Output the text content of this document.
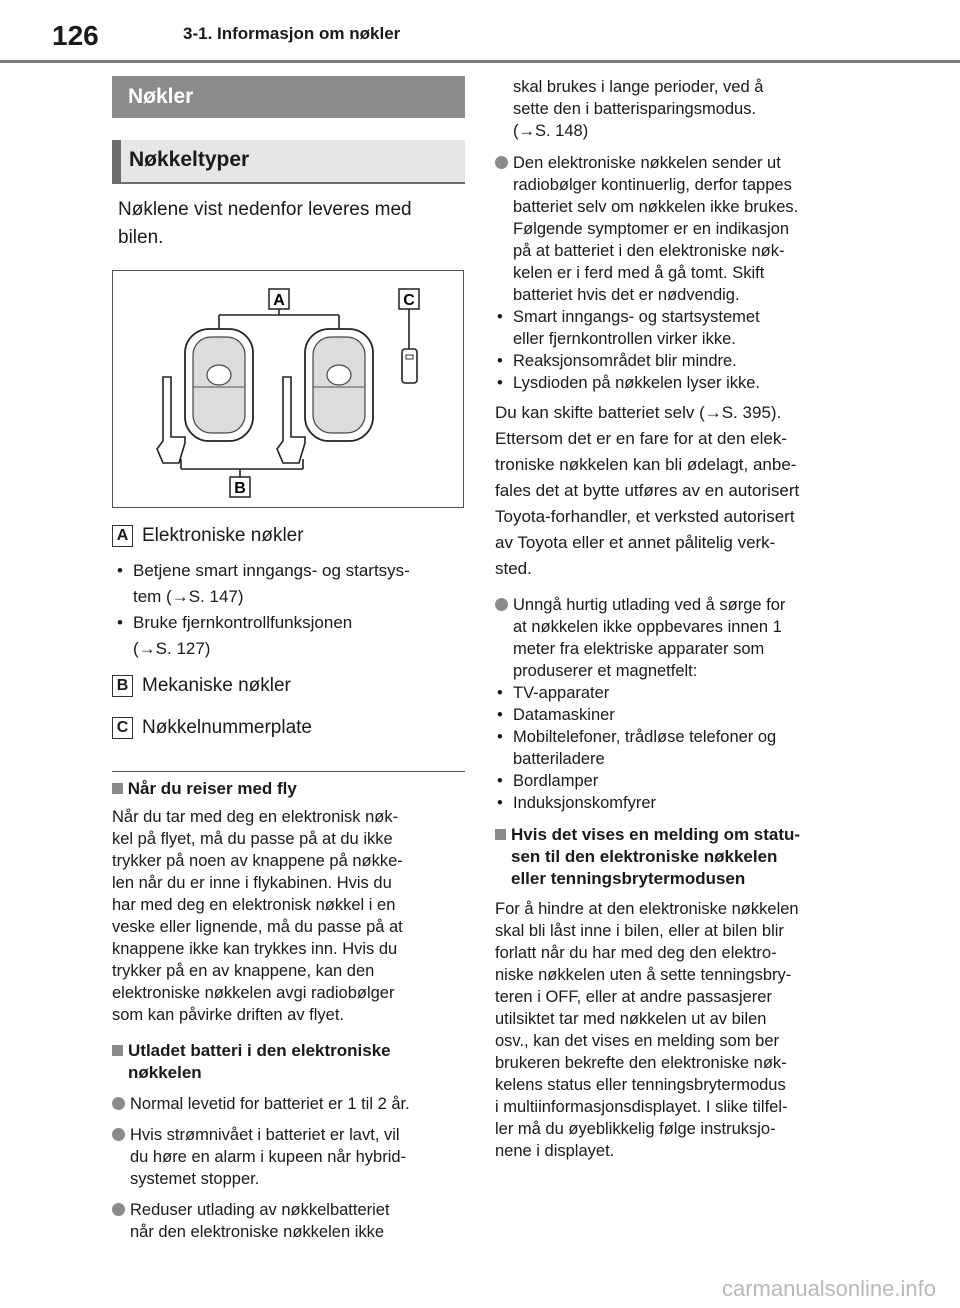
126	3-1. Informasjon om nøkler
Nøkler
Nøkkeltyper
Nøklene vist nedenfor leveres med
bilen.
A	C
B
A Elektroniske nøkler
• Betjene smart inngangs- og startsys-
tem (→S. 147)
• Bruke fjernkontrollfunksjonen
(→S. 127)
B Mekaniske nøkler
C Nøkkelnummerplate
Når du reiser med fly
Når du tar med deg en elektronisk nøk-
kel på flyet, må du passe på at du ikke
trykker på noen av knappene på nøkke-
len når du er inne i flykabinen. Hvis du
har med deg en elektronisk nøkkel i en
veske eller lignende, må du passe på at
knappene ikke kan trykkes inn. Hvis du
trykker på en av knappene, kan den
elektroniske nøkkelen avgi radiobølger
som kan påvirke driften av flyet.
Utladet batteri i den elektroniske
nøkkelen
Normal levetid for batteriet er 1 til 2 år.
Hvis strømnivået i batteriet er lavt, vil
du høre en alarm i kupeen når hybrid-
systemet stopper.
Reduser utlading av nøkkelbatteriet
når den elektroniske nøkkelen ikke
skal brukes i lange perioder, ved å
sette den i batterisparingsmodus.
(→S. 148)
Den elektroniske nøkkelen sender ut
radiobølger kontinuerlig, derfor tappes
batteriet selv om nøkkelen ikke brukes.
Følgende symptomer er en indikasjon
på at batteriet i den elektroniske nøk-
kelen er i ferd med å gå tomt. Skift
batteriet hvis det er nødvendig.
• Smart inngangs- og startsystemet
eller fjernkontrollen virker ikke.
• Reaksjonsområdet blir mindre.
• Lysdioden på nøkkelen lyser ikke.
Du kan skifte batteriet selv (→S. 395).
Ettersom det er en fare for at den elek-
troniske nøkkelen kan bli ødelagt, anbe-
fales det at bytte utføres av en autorisert
Toyota-forhandler, et verksted autorisert
av Toyota eller et annet pålitelig verk-
sted.
Unngå hurtig utlading ved å sørge for
at nøkkelen ikke oppbevares innen 1
meter fra elektriske apparater som
produserer et magnetfelt:
• TV-apparater
• Datamaskiner
• Mobiltelefoner, trådløse telefoner og
batteriladere
• Bordlamper
• Induksjonskomfyrer
Hvis det vises en melding om statu-
sen til den elektroniske nøkkelen
eller tenningsbrytermodusen
For å hindre at den elektroniske nøkkelen
skal bli låst inne i bilen, eller at bilen blir
forlatt når du har med deg den elektro-
niske nøkkelen uten å sette tenningsbry-
teren i OFF, eller at andre passasjerer
utilsiktet tar med nøkkelen ut av bilen
osv., kan det vises en melding som ber
brukeren bekrefte den elektroniske nøk-
kelens status eller tenningsbrytermodus
i multiinformasjonsdisplayet. I slike tilfel-
ler må du øyeblikkelig følge instruksjo-
nene i displayet.
carmanualsonline.info
